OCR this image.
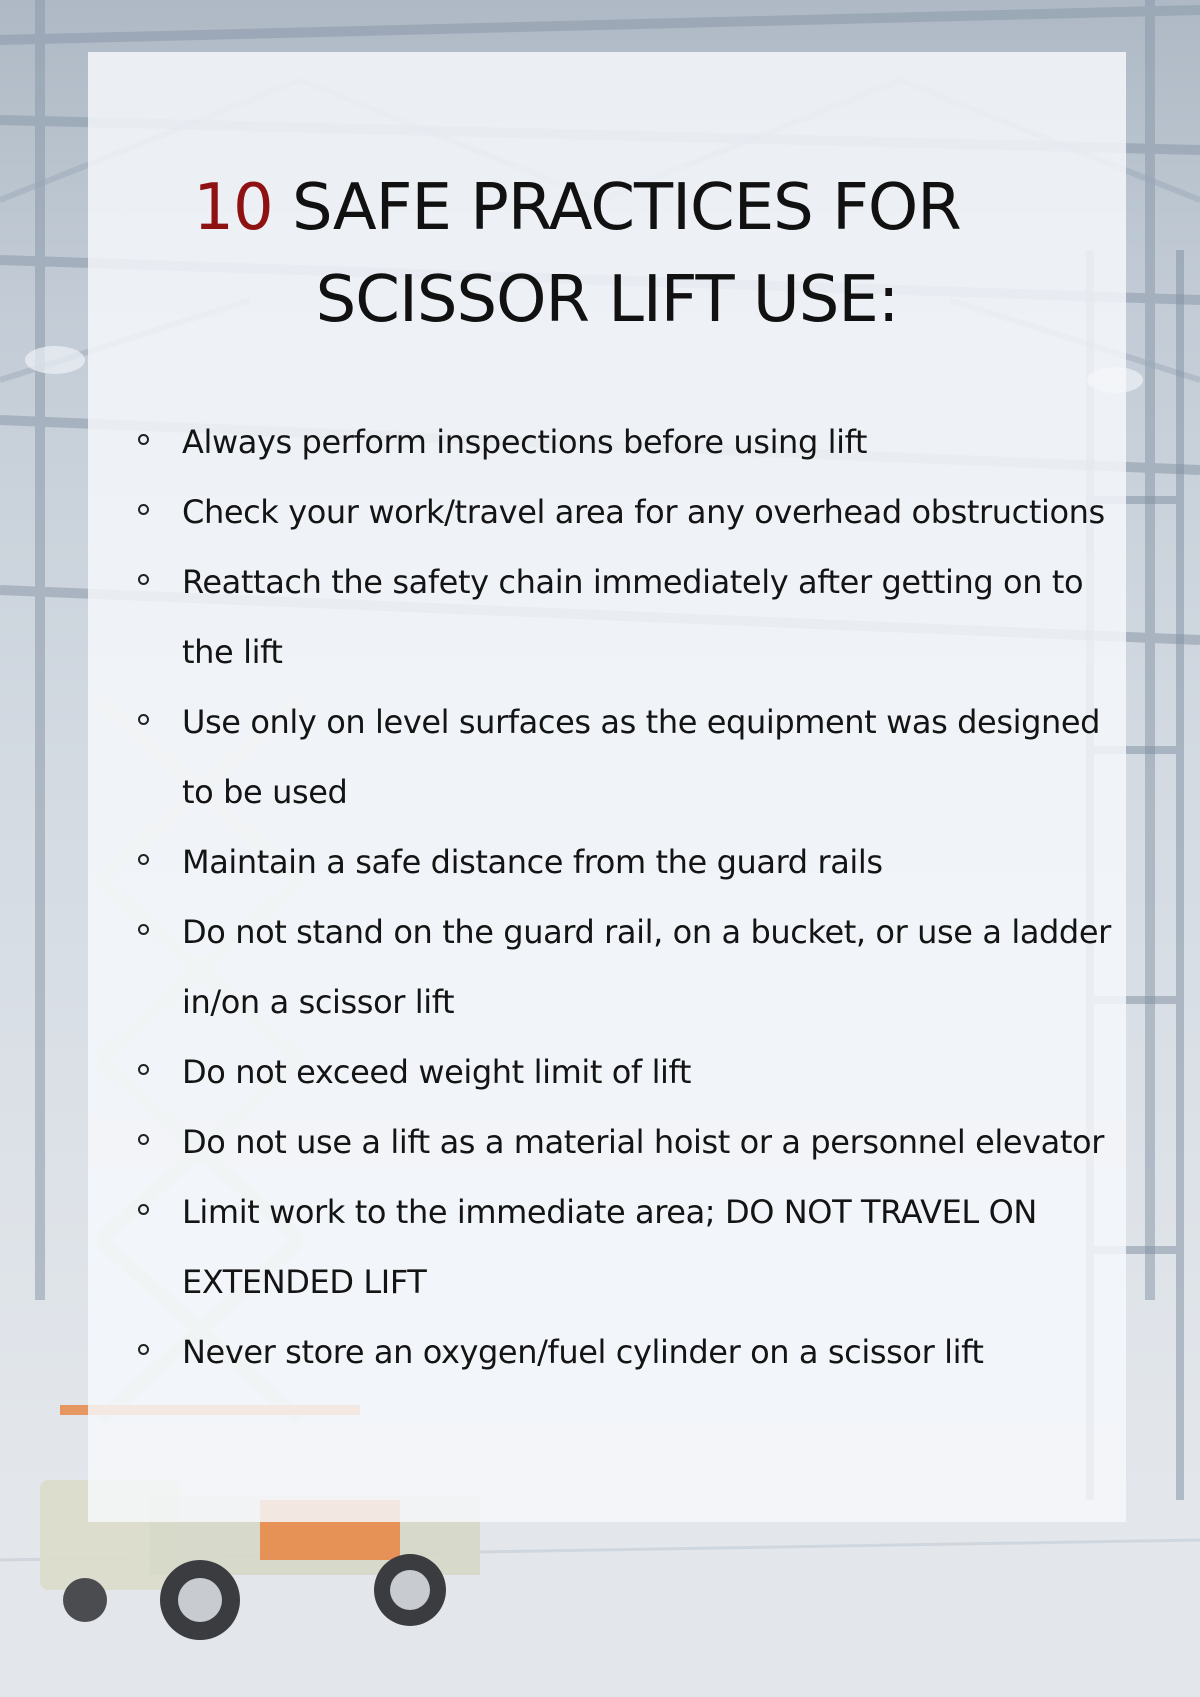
10 SAFE PRACTICES FOR
SCISSOR LIFT USE:
Always perform inspections before using lift
Check your work/travel area for any overhead obstructions
Reattach the safety chain immediately after getting on to the lift
Use only on level surfaces as the equipment was designed to be used
Maintain a safe distance from the guard rails
Do not stand on the guard rail, on a bucket, or use a ladder in/on a scissor lift
Do not exceed weight limit of lift
Do not use a lift as a material hoist or a personnel elevator
Limit work to the immediate area; DO NOT TRAVEL ON EXTENDED LIFT
Never store an oxygen/fuel cylinder on a scissor lift
